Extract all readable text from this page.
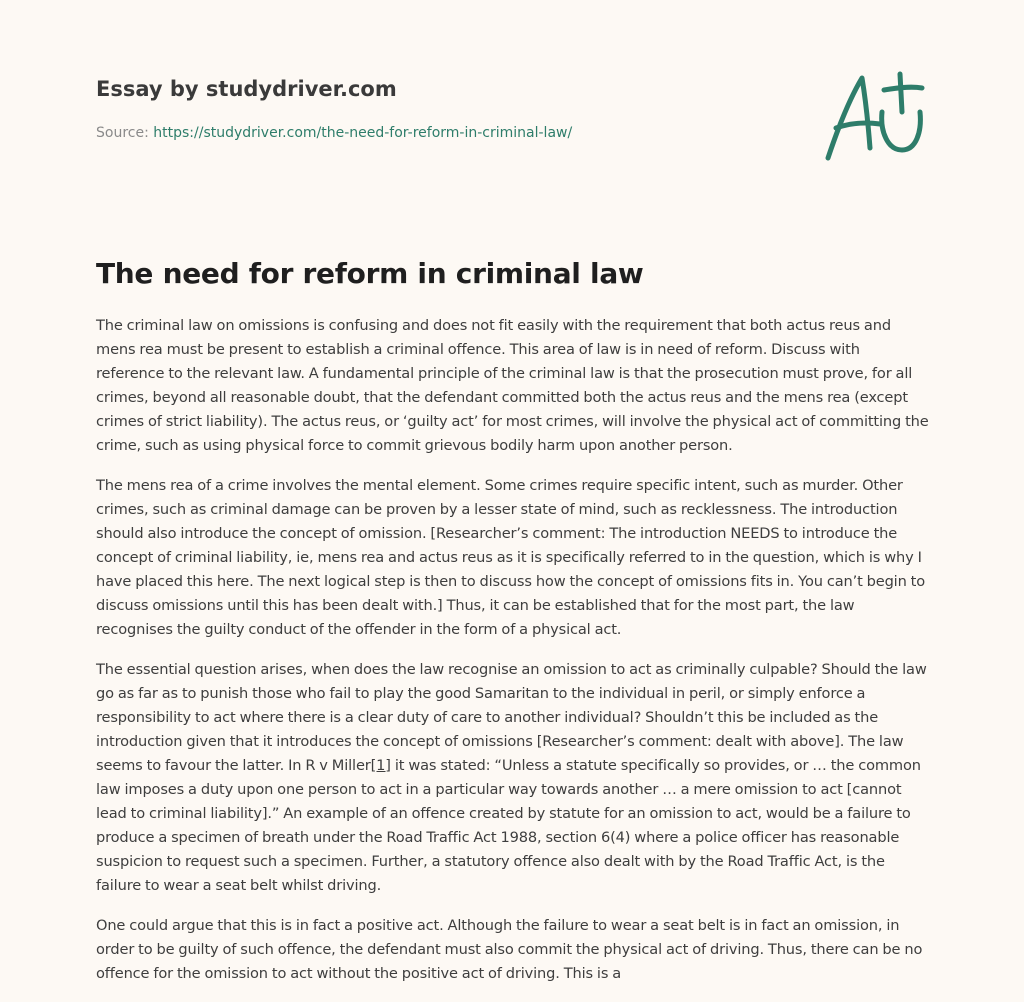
Essay by studydriver.com
Source: https://studydriver.com/the-need-for-reform-in-criminal-law/
The need for reform in criminal law

The criminal law on omissions is confusing and does not fit easily with the requirement that both actus reus and mens rea must be present to establish a criminal offence. This area of law is in need of reform. Discuss with reference to the relevant law. A fundamental principle of the criminal law is that the prosecution must prove, for all crimes, beyond all reasonable doubt, that the defendant committed both the actus reus and the mens rea (except crimes of strict liability). The actus reus, or ‘guilty act’ for most crimes, will involve the physical act of committing the crime, such as using physical force to commit grievous bodily harm upon another person.

The mens rea of a crime involves the mental element. Some crimes require specific intent, such as murder. Other crimes, such as criminal damage can be proven by a lesser state of mind, such as recklessness. The introduction should also introduce the concept of omission. [Researcher’s comment: The introduction NEEDS to introduce the concept of criminal liability, ie, mens rea and actus reus as it is specifically referred to in the question, which is why I have placed this here. The next logical step is then to discuss how the concept of omissions fits in. You can’t begin to discuss omissions until this has been dealt with.] Thus, it can be established that for the most part, the law recognises the guilty conduct of the offender in the form of a physical act.

The essential question arises, when does the law recognise an omission to act as criminally culpable? Should the law go as far as to punish those who fail to play the good Samaritan to the individual in peril, or simply enforce a responsibility to act where there is a clear duty of care to another individual? Shouldn’t this be included as the introduction given that it introduces the concept of omissions [Researcher’s comment: dealt with above]. The law seems to favour the latter. In R v Miller[1] it was stated: “Unless a statute specifically so provides, or … the common law imposes a duty upon one person to act in a particular way towards another … a mere omission to act [cannot lead to criminal liability].” An example of an offence created by statute for an omission to act, would be a failure to produce a specimen of breath under the Road Traffic Act 1988, section 6(4) where a police officer has reasonable suspicion to request such a specimen. Further, a statutory offence also dealt with by the Road Traffic Act, is the failure to wear a seat belt whilst driving.

One could argue that this is in fact a positive act. Although the failure to wear a seat belt is in fact an omission, in order to be guilty of such offence, the defendant must also commit the physical act of driving. Thus, there can be no offence for the omission to act without the positive act of driving. This is a
